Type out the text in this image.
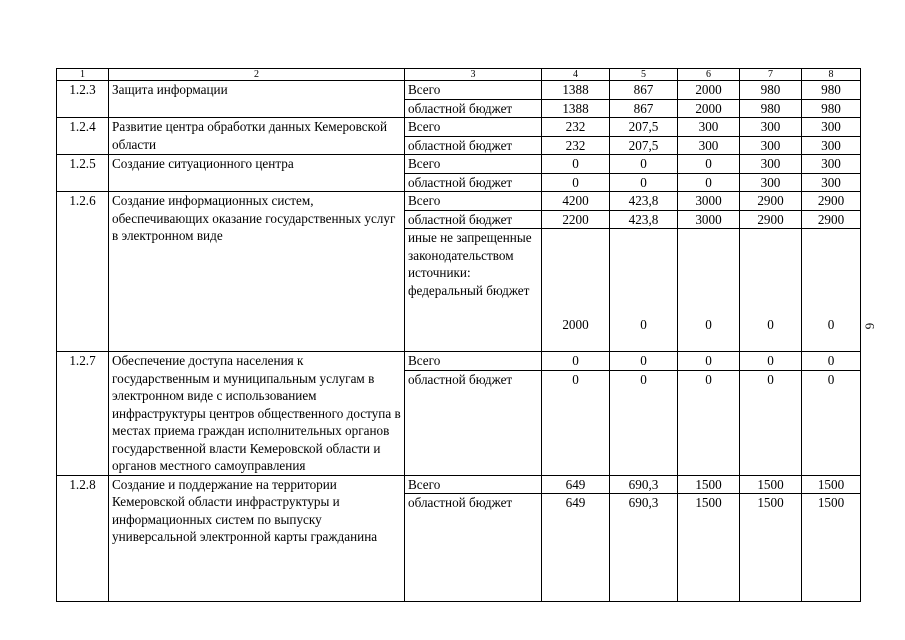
1	2	3	4	5	6	7	8
1.2.3	Защита информации	Всего	1388	867	2000	980	980
		областной бюджет	1388	867	2000	980	980
1.2.4	Развитие центра обработки данных Кемеровской области	Всего	232	207,5	300	300	300
		областной бюджет	232	207,5	300	300	300
1.2.5	Создание ситуационного центра	Всего	0	0	0	300	300
		областной бюджет	0	0	0	300	300
1.2.6	Создание информационных систем, обеспечивающих оказание государственных услуг в электронном виде	Всего	4200	423,8	3000	2900	2900
		областной бюджет	2200	423,8	3000	2900	2900
		иные не запрещенные законодательством источники: федеральный бюджет	2000	0	0	0	0
1.2.7	Обеспечение доступа населения к государственным и муниципальным услугам в электронном виде с использованием инфраструктуры центров общественного доступа в местах приема граждан исполнительных органов государственной власти Кемеровской области и органов местного самоуправления	Всего	0	0	0	0	0
		областной бюджет	0	0	0	0	0
1.2.8	Создание и поддержание на территории Кемеровской области инфраструктуры и информационных систем по выпуску универсальной электронной карты гражданина	Всего	649	690,3	1500	1500	1500
		областной бюджет	649	690,3	1500	1500	1500
6
